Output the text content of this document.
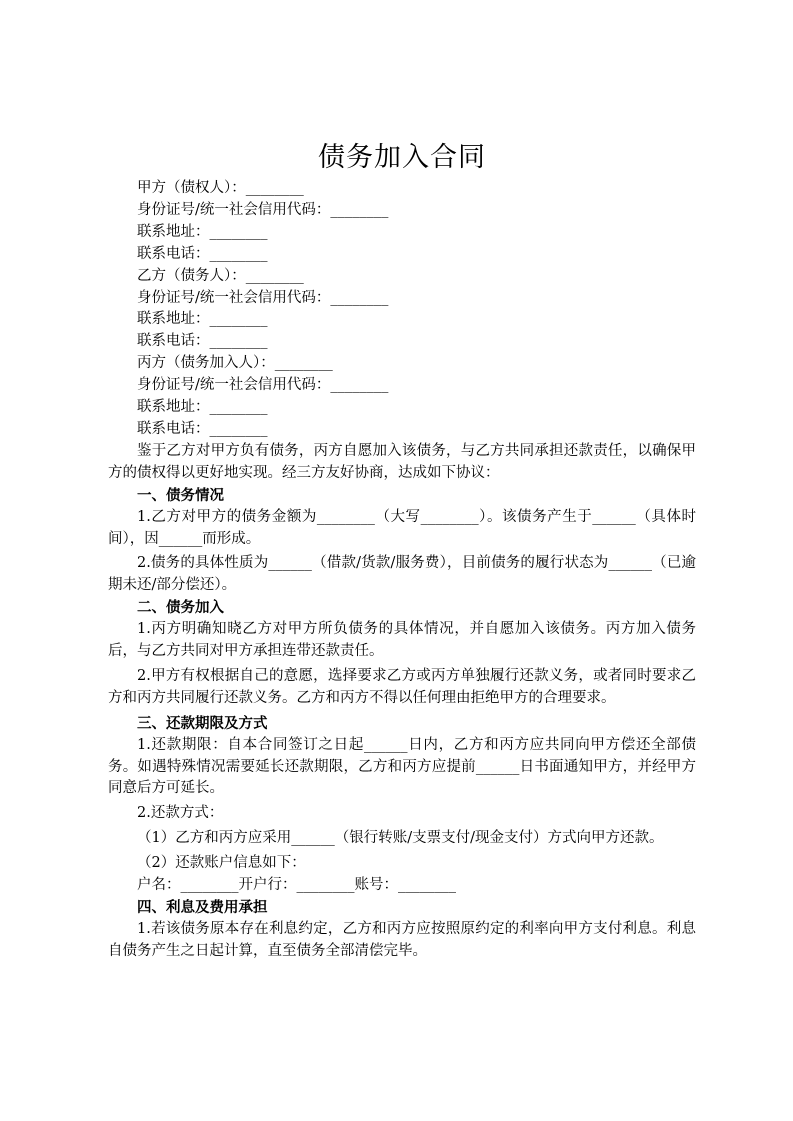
债务加入合同
甲方（债权人）：________
身份证号/统一社会信用代码：________
联系地址：________
联系电话：________
乙方（债务人）：________
身份证号/统一社会信用代码：________
联系地址：________
联系电话：________
丙方（债务加入人）：________
身份证号/统一社会信用代码：________
联系地址：________
联系电话：________
鉴于乙方对甲方负有债务，丙方自愿加入该债务，与乙方共同承担还款责任，以确保甲方的债权得以更好地实现。经三方友好协商，达成如下协议：
一、债务情况
1.乙方对甲方的债务金额为________（大写________）。该债务产生于______（具体时间），因______而形成。
2.债务的具体性质为______（借款/货款/服务费），目前债务的履行状态为______（已逾期未还/部分偿还）。
二、债务加入
1.丙方明确知晓乙方对甲方所负债务的具体情况，并自愿加入该债务。丙方加入债务后，与乙方共同对甲方承担连带还款责任。
2.甲方有权根据自己的意愿，选择要求乙方或丙方单独履行还款义务，或者同时要求乙方和丙方共同履行还款义务。乙方和丙方不得以任何理由拒绝甲方的合理要求。
三、还款期限及方式
1.还款期限：自本合同签订之日起______日内，乙方和丙方应共同向甲方偿还全部债务。如遇特殊情况需要延长还款期限，乙方和丙方应提前______日书面通知甲方，并经甲方同意后方可延长。
2.还款方式：
（1）乙方和丙方应采用______（银行转账/支票支付/现金支付）方式向甲方还款。
（2）还款账户信息如下：
户名：________开户行：________账号：________
四、利息及费用承担
1.若该债务原本存在利息约定，乙方和丙方应按照原约定的利率向甲方支付利息。利息自债务产生之日起计算，直至债务全部清偿完毕。
